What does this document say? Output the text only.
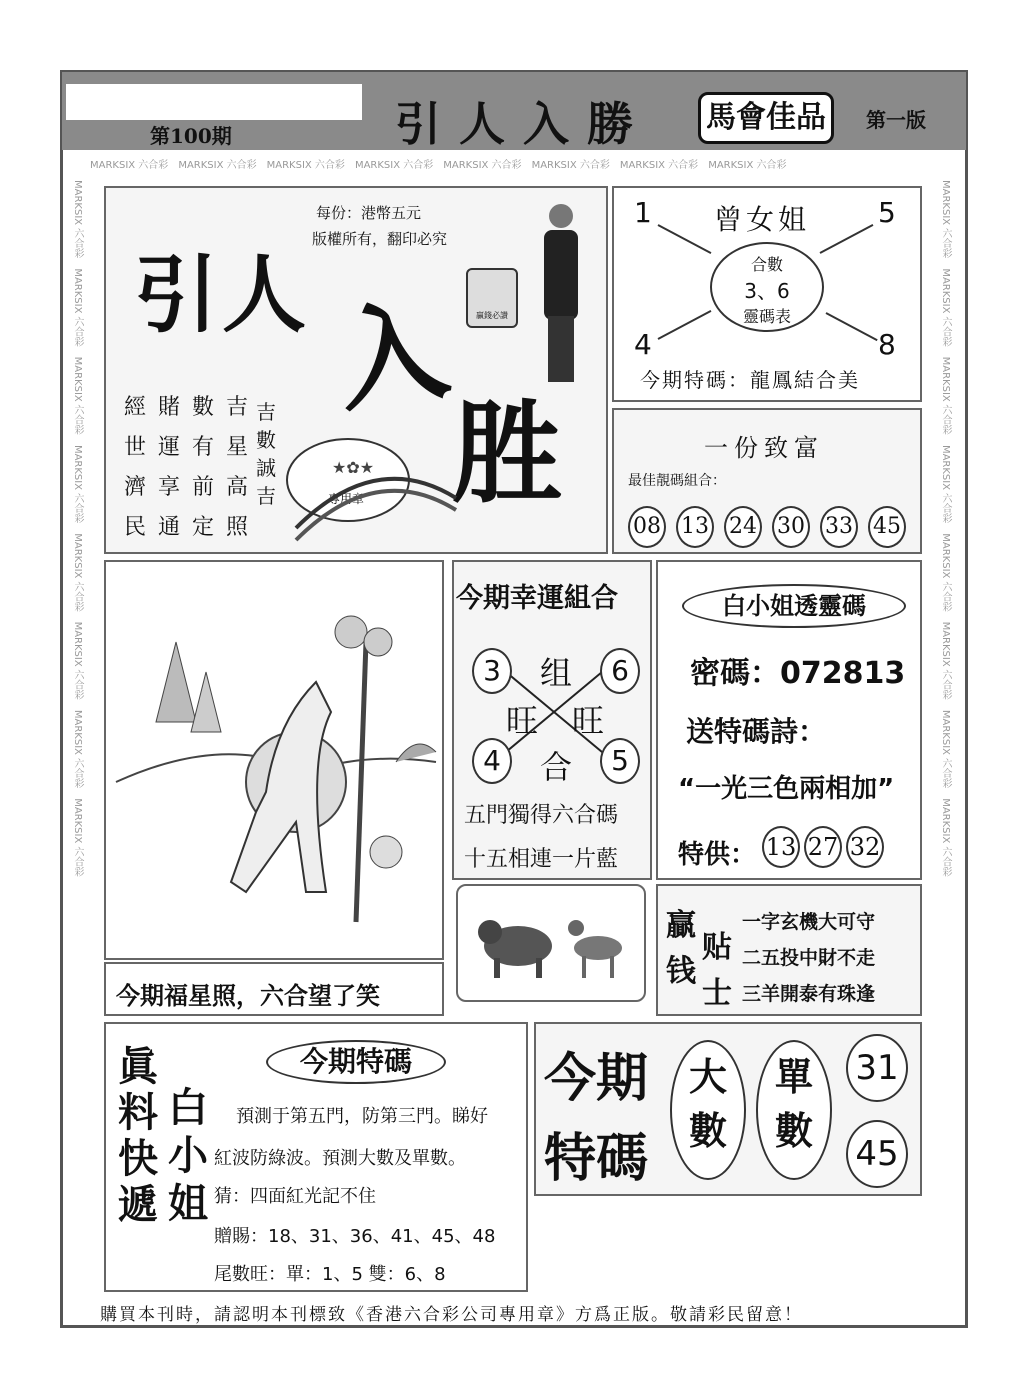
第100期	引人入勝 馬會佳品	第一版
MARKSIX 六合彩　 MARKSIX 六合彩　 MARKSIX 六合彩　 MARKSIX 六合彩　 MARKSIX 六合彩　 MARKSIX 六合彩　 MARKSIX 六合彩　 MARKSIX 六合彩
MARKSIX 六合彩　MARKSIX 六合彩　MARKSIX 六合彩　MARKSIX 六合彩　MARKSIX 六合彩　MARKSIX 六合彩　MARKSIX 六合彩　MARKSIX 六合彩
MARKSIX 六合彩　MARKSIX 六合彩　MARKSIX 六合彩　MARKSIX 六合彩　MARKSIX 六合彩　MARKSIX 六合彩　MARKSIX 六合彩　MARKSIX 六合彩
每份：港幣五元
版權所有，翻印必究
引人 入
胜
贏錢必讚
經賭數吉
世運有星
濟享前高
民通定照
吉數誠吉	專用章
★✿★
曾女姐
1	5
4	8
合數
3、6
靈碼表
今期特碼：龍鳳結合美
一份致富
最佳靚碼組合：
08 13 24 30 33 45
今期福星照，六合望了笑
今期幸運組合
3	6
4	5
组
旺 旺
合
五門獨得六合碼
十五相連一片藍
白小姐透靈碼
密碼：072813
送特碼詩：
“一光三色兩相加”
特供： 13 27 32
贏
钱
贴
士
一字玄機大可守
二五投中財不走
三羊開泰有珠逢
眞料快遞
白小姐
今期特碼
預測于第五門，防第三門。睇好
紅波防綠波。預測大數及單數。
猜：四面紅光記不住
贈賜：18、31、36、41、45、48
尾數旺：單：1、5 雙：6、8
今期
特碼
大數
單數
31
45
購買本刊時，請認明本刊標致《香港六合彩公司專用章》方爲正版。敬請彩民留意！
